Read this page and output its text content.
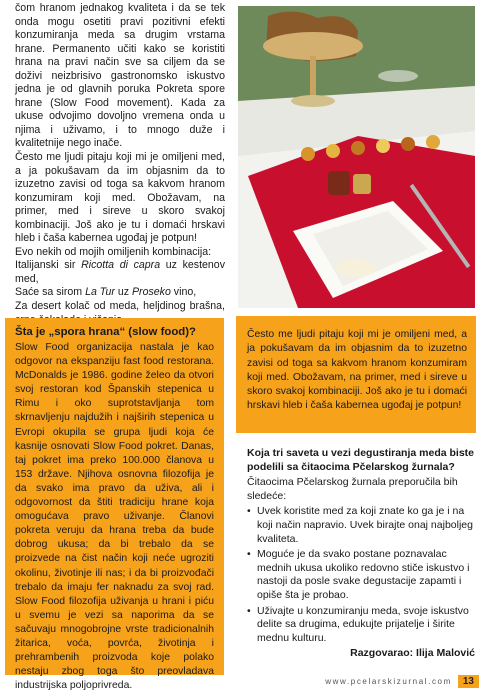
čom hranom jednakog kvaliteta i da se tek onda mogu osetiti pravi pozitivni efekti konzumiranja meda sa drugim vrstama hrane. Permanento učiti kako se koristiti hrana na pravi način sve sa ciljem da se doživi neizbrisivo gastronomsko iskustvo jedna je od glavnih poruka Pokreta spore hrane (Slow Food movement). Kada za ukuse odvojimo dovoljno vremena onda u njima i uživamo, i to mnogo duže i kvalitetnije nego inače.

Često me ljudi pitaju koji mi je omiljeni med, a ja pokušavam da im objasnim da to izuzetno zavisi od toga sa kakvom hranom konzumiram koji med. Obožavam, na primer, med i sireve u skoro svakoj kombinaciji. Još ako je tu i domaći hrskavi hleb i čaša kabernea ugođaj je potpun!

Evo nekih od mojih omiljenih kombinacija:

Italijanski sir Ricotta di capra uz kestenov med,

Saće sa sirom La Tur uz Proseko vino,

Za desert kolač od meda, heljdinog brašna,

Šta je „spora hrana“ (slow food)?

Slow Food organizacija nastala je kao odgovor na ekspanziju fast food restorana. McDonalds je 1986. godine želeo da otvori svoj restoran kod Španskih stepenica u Rimu i oko suprotstavljanja tom skrnavljenju najdužih i najširih stepenica u Evropi okupila se grupa ljudi koja će kasnije osnovati Slow Food pokret. Danas, taj pokret ima preko 100.000 članova u 153 države. Njihova osnovna filozofija je da svako ima pravo da uživa, ali i odgovornost da štiti tradiciju hrane koja omogućava pravo uživanje. Članovi pokreta veruju da hrana treba da bude dobrog ukusa; da bi trebalo da se proizvede na čist način koji neće ugroziti okolinu, životinje ili nas; i da bi proizvođači trebalo da imaju fer naknadu za svoj rad. Slow Food filozofija uživanja u hrani i piću u svemu je vezi sa naporima da se sačuvaju mnogobrojne vrste tradicionalnih žitarica, voća, povrća, životinja i prehrambenih proizvoda koje polako nestaju zbog toga što preovladava industrijska poljoprivreda.
Često me ljudi pitaju koji mi je omiljeni med, a ja pokušavam da im objasnim da to izuzetno zavisi od toga sa kakvom hranom konzumiram koji med. Obožavam, na primer, med i sireve u skoro svakoj kombinaciji. Još ako je tu i domaći hrskavi hleb i čaša kabernea ugođaj je potpun!

Koja tri saveta u vezi degustiranja meda biste podelili sa čitaocima Pčelarskog žurnala?

Čitaocima Pčelarskog žurnala preporučila bih sledeće:

• Uvek koristite med za koji znate ko ga je i na koji način napravio. Uvek birajte onaj najbolјeg kvaliteta.
• Moguće je da svako postane poznavalac mednih ukusa ukoliko redovno stiče iskustvo i nastoji da posle svake degustacije zapamti i opiše šta je probao.
• Uživajte u konzumiranju meda, svoje iskustvo delite sa drugima, edukujte prijatelje i širite mednu kulturu.

Razgovarao: Ilija Malović

www.pcelarskizurnal.com	13
